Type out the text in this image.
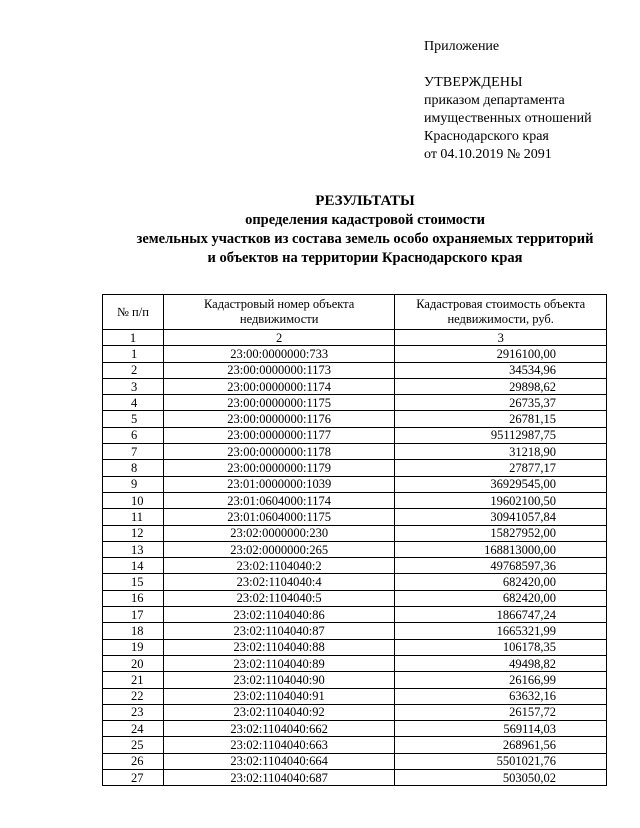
Приложение
УТВЕРЖДЕНЫ
приказом департамента
имущественных отношений
Краснодарского края
от 04.10.2019 № 2091
РЕЗУЛЬТАТЫ
определения кадастровой стоимости
земельных участков из состава земель особо охраняемых территорий
и объектов на территории Краснодарского края
№ п/п	Кадастровый номер объекта недвижимости	Кадастровая стоимость объекта недвижимости, руб.
1	2	3
1	23:00:0000000:733	2916100,00
2	23:00:0000000:1173	34534,96
3	23:00:0000000:1174	29898,62
4	23:00:0000000:1175	26735,37
5	23:00:0000000:1176	26781,15
6	23:00:0000000:1177	95112987,75
7	23:00:0000000:1178	31218,90
8	23:00:0000000:1179	27877,17
9	23:01:0000000:1039	36929545,00
10	23:01:0604000:1174	19602100,50
11	23:01:0604000:1175	30941057,84
12	23:02:0000000:230	15827952,00
13	23:02:0000000:265	168813000,00
14	23:02:1104040:2	49768597,36
15	23:02:1104040:4	682420,00
16	23:02:1104040:5	682420,00
17	23:02:1104040:86	1866747,24
18	23:02:1104040:87	1665321,99
19	23:02:1104040:88	106178,35
20	23:02:1104040:89	49498,82
21	23:02:1104040:90	26166,99
22	23:02:1104040:91	63632,16
23	23:02:1104040:92	26157,72
24	23:02:1104040:662	569114,03
25	23:02:1104040:663	268961,56
26	23:02:1104040:664	5501021,76
27	23:02:1104040:687	503050,02
